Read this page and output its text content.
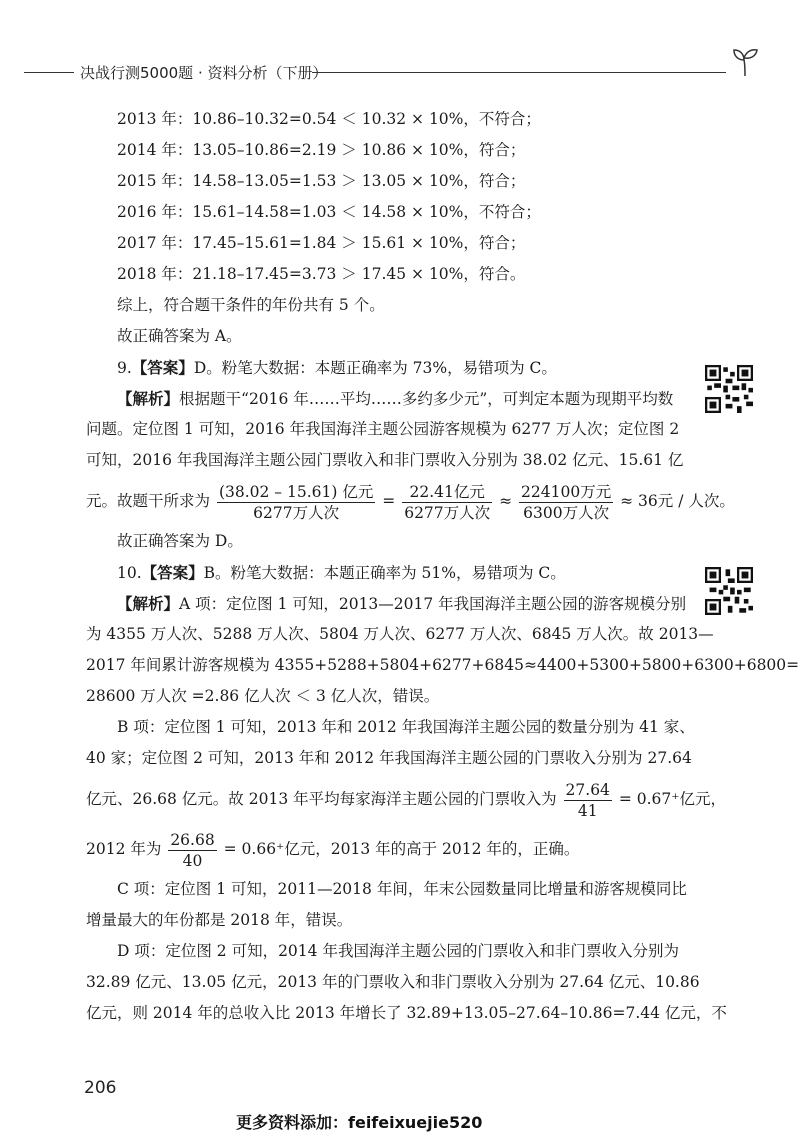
决战行测5000题 · 资料分析（下册）
2013 年：10.86–10.32=0.54 ＜ 10.32 × 10%，不符合；
2014 年：13.05–10.86=2.19 ＞ 10.86 × 10%，符合；
2015 年：14.58–13.05=1.53 ＞ 13.05 × 10%，符合；
2016 年：15.61–14.58=1.03 ＜ 14.58 × 10%，不符合；
2017 年：17.45–15.61=1.84 ＞ 15.61 × 10%，符合；
2018 年：21.18–17.45=3.73 ＞ 17.45 × 10%，符合。
综上，符合题干条件的年份共有 5 个。
故正确答案为 A。
9.【答案】D。粉笔大数据：本题正确率为 73%，易错项为 C。
【解析】根据题干“2016 年……平均……多约多少元”，可判定本题为现期平均数
问题。定位图 1 可知，2016 年我国海洋主题公园游客规模为 6277 万人次；定位图 2
可知，2016 年我国海洋主题公园门票收入和非门票收入分别为 38.02 亿元、15.61 亿
元。故题干所求为 $\frac{\text{(38.02 – 15.61) 亿元}}{\text{6277万人次}} = \frac{\text{22.41亿元}}{\text{6277万人次}} \approx \frac{\text{224100万元}}{\text{6300万人次}} \approx 36$元 / 人次。
故正确答案为 D。
10.【答案】B。粉笔大数据：本题正确率为 51%，易错项为 C。
【解析】A 项：定位图 1 可知，2013—2017 年我国海洋主题公园的游客规模分别
为 4355 万人次、5288 万人次、5804 万人次、6277 万人次、6845 万人次。故 2013—
2017 年间累计游客规模为 4355+5288+5804+6277+6845≈4400+5300+5800+6300+6800=
28600 万人次 =2.86 亿人次 ＜ 3 亿人次，错误。
B 项：定位图 1 可知，2013 年和 2012 年我国海洋主题公园的数量分别为 41 家、
40 家；定位图 2 可知，2013 年和 2012 年我国海洋主题公园的门票收入分别为 27.64
亿元、26.68 亿元。故 2013 年平均每家海洋主题公园的门票收入为 $\frac{27.64}{41} = 0.67^+$亿元，
2012 年为 $\frac{26.68}{40} = 0.66^+$亿元，2013 年的高于 2012 年的，正确。
C 项：定位图 1 可知，2011—2018 年间，年末公园数量同比增量和游客规模同比
增量最大的年份都是 2018 年，错误。
D 项：定位图 2 可知，2014 年我国海洋主题公园的门票收入和非门票收入分别为
32.89 亿元、13.05 亿元，2013 年的门票收入和非门票收入分别为 27.64 亿元、10.86
亿元，则 2014 年的总收入比 2013 年增长了 32.89+13.05–27.64–10.86=7.44 亿元，不
206
更多资料添加：feifeixuejie520
